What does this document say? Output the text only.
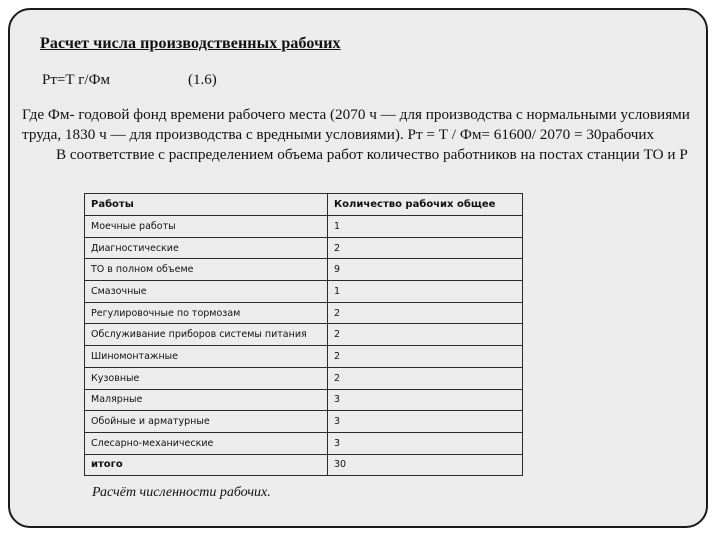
Расчет числа производственных рабочих
Рт=Т г/Фм	(1.6)

Где Фм- годовой фонд времени рабочего места (2070 ч — для производства с нормальными условиями труда, 1830 ч — для производства с вредными условиями). Рт = Т / Фм= 61600/ 2070 = 30рабочих

В соответствие с распределением объема работ количество работников на постах станции ТО и Р

Работы	Количество рабочих общее
Моечные работы	1
Диагностические	2
ТО в полном объеме	9
Смазочные	1
Регулировочные по тормозам	2
Обслуживание приборов системы питания	2
Шиномонтажные	2
Кузовные	2
Малярные	3
Обойные и арматурные	3
Слесарно-механические	3
итого	30
Расчёт численности рабочих.
